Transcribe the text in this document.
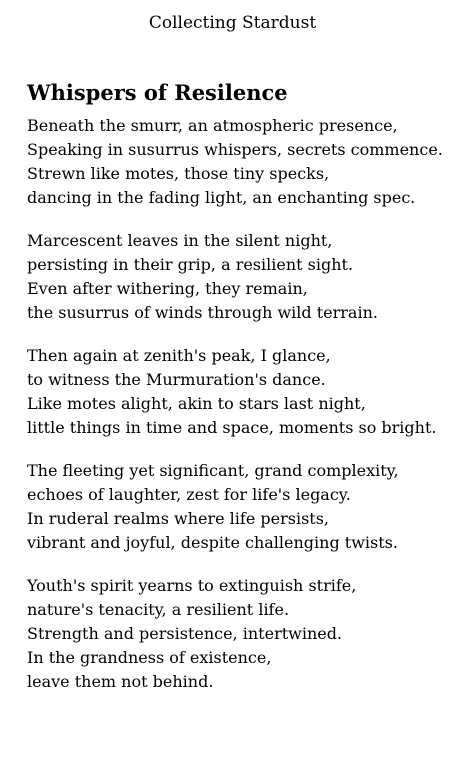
Collecting Stardust
Whispers of Resilence
Beneath the smurr, an atmospheric presence,
Speaking in susurrus whispers, secrets commence.
Strewn like motes, those tiny specks,
dancing in the fading light, an enchanting spec.
Marcescent leaves in the silent night,
persisting in their grip, a resilient sight.
Even after withering, they remain,
the susurrus of winds through wild terrain.
Then again at zenith's peak, I glance,
to witness the Murmuration's dance.
Like motes alight, akin to stars last night,
little things in time and space, moments so bright.
The fleeting yet significant, grand complexity,
echoes of laughter, zest for life's legacy.
In ruderal realms where life persists,
vibrant and joyful, despite challenging twists.
Youth's spirit yearns to extinguish strife,
nature's tenacity, a resilient life.
Strength and persistence, intertwined.
In the grandness of existence,
leave them not behind.
